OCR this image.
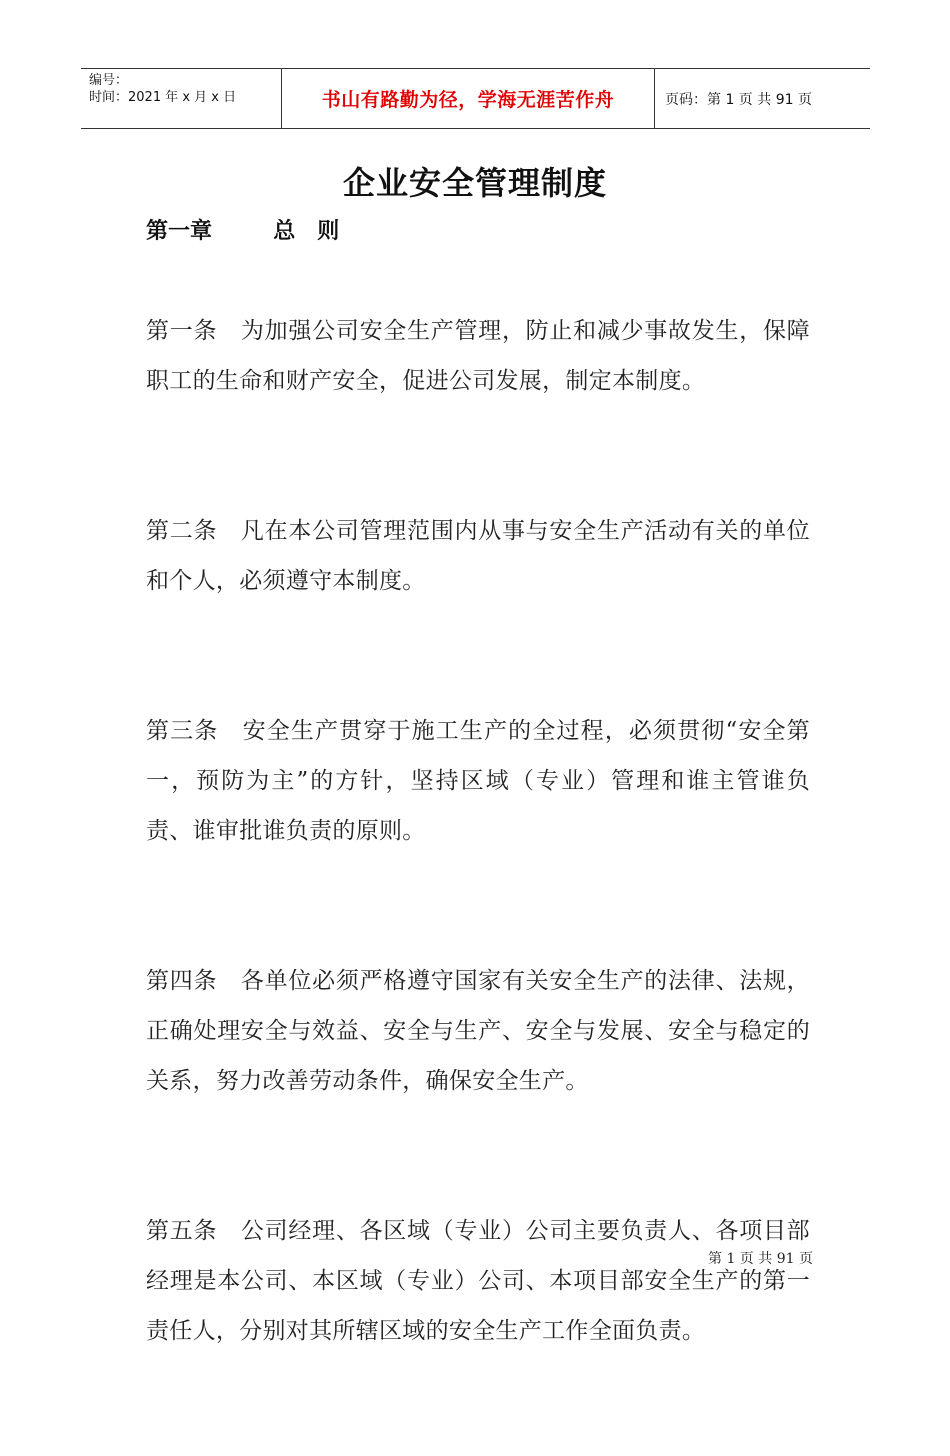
编号：
时间：2021 年 x 月 x 日	书山有路勤为径，学海无涯苦作舟	页码：第 1 页 共 91 页
企业安全管理制度
第一章	总　则

第一条　 为加强公司安全生产管理，防止和减少事故发生，保障职工的生命和财产安全，促进公司发展，制定本制度。

第二条　 凡在本公司管理范围内从事与安全生产活动有关的单位和个人，必须遵守本制度。

第三条　 安全生产贯穿于施工生产的全过程，必须贯彻“安全第一，预防为主”的方针，坚持区域（专业）管理和谁主管谁负责、谁审批谁负责的原则。

第四条　 各单位必须严格遵守国家有关安全生产的法律、法规，正确处理安全与效益、安全与生产、安全与发展、安全与稳定的关系，努力改善劳动条件，确保安全生产。

第五条　 公司经理、各区域（专业）公司主要负责人、各项目部经理是本公司、本区域（专业）公司、本项目部安全生产的第一责任人，分别对其所辖区域的安全生产工作全面负责。

第 1 页 共 91 页
